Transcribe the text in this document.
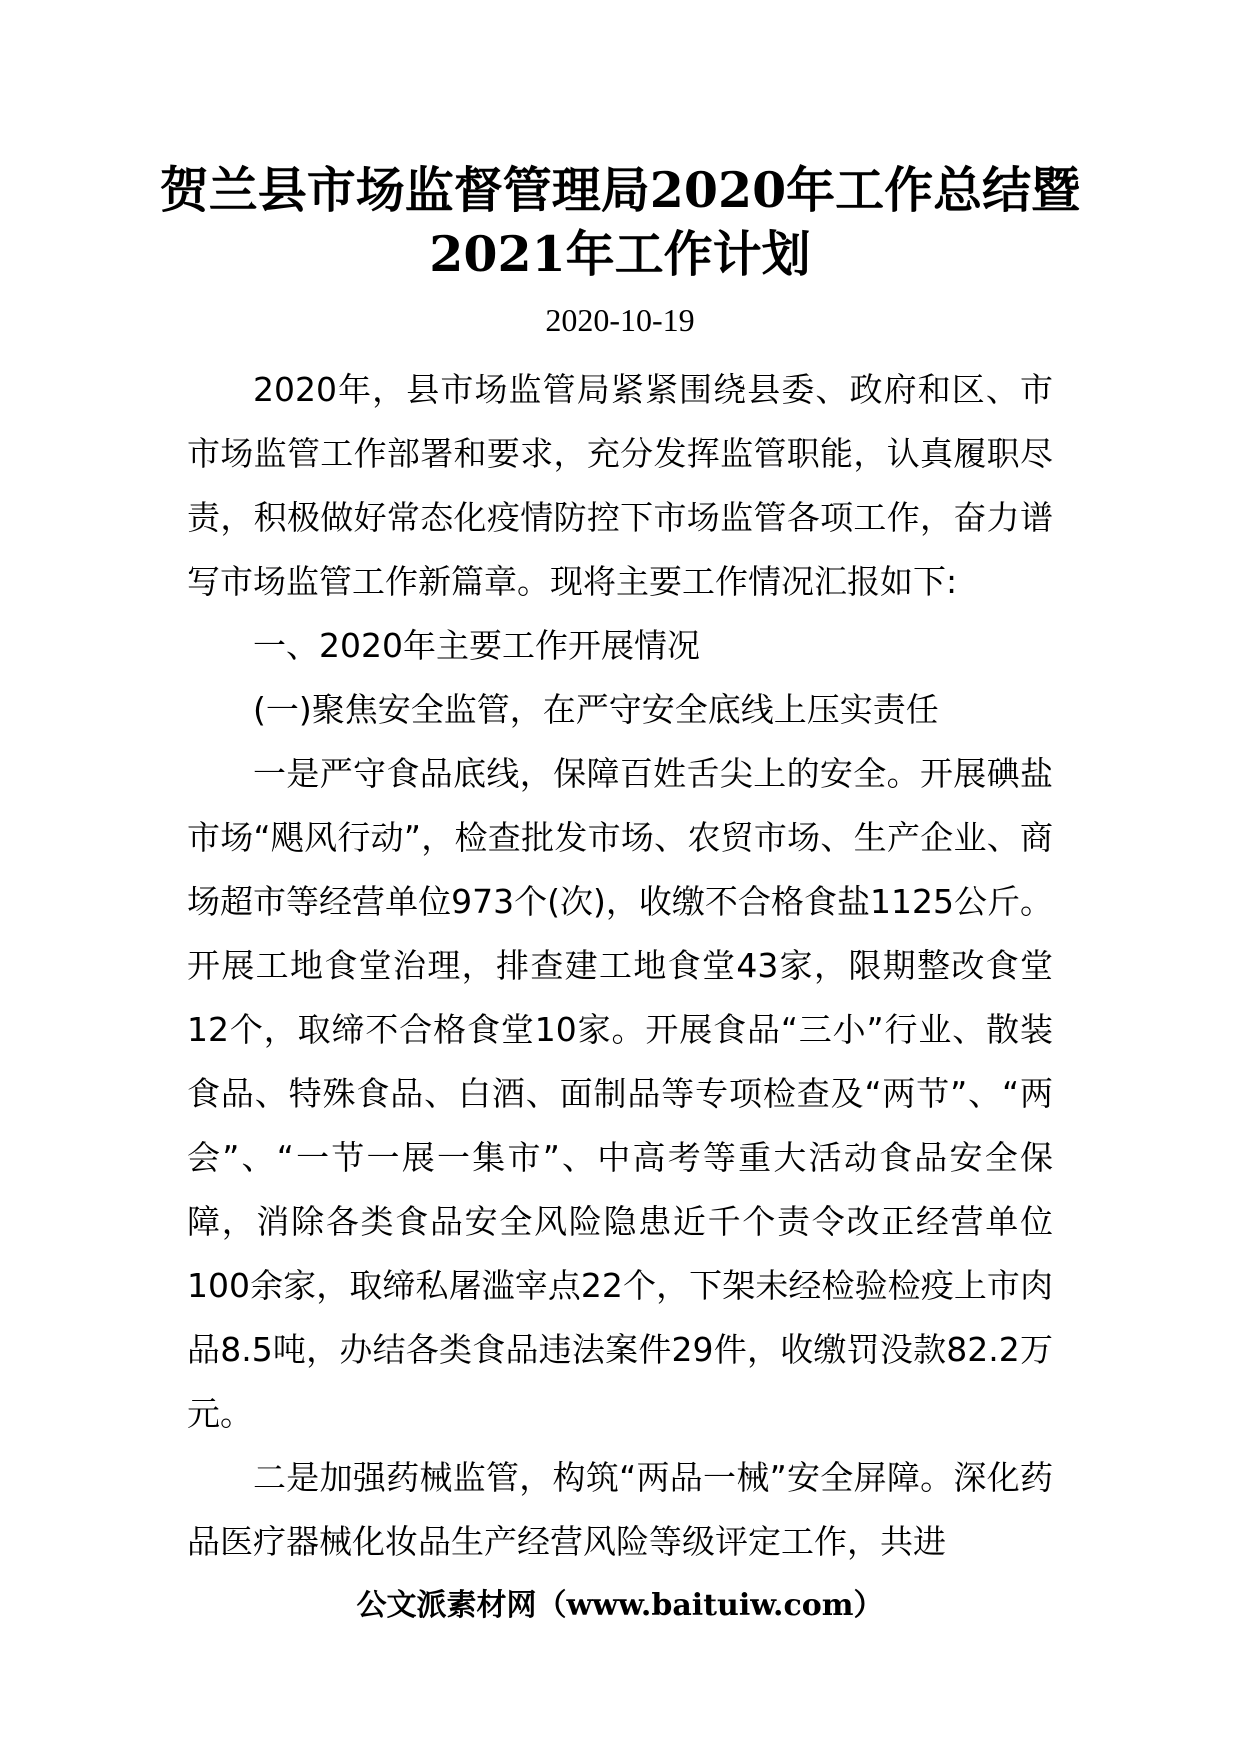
贺兰县市场监督管理局2020年工作总结暨
2021年工作计划
2020-10-19

2020年，县市场监管局紧紧围绕县委、政府和区、市市场监管工作部署和要求，充分发挥监管职能，认真履职尽责，积极做好常态化疫情防控下市场监管各项工作，奋力谱写市场监管工作新篇章。现将主要工作情况汇报如下:

一、2020年主要工作开展情况

(一)聚焦安全监管，在严守安全底线上压实责任

一是严守食品底线，保障百姓舌尖上的安全。开展碘盐市场“飓风行动”，检查批发市场、农贸市场、生产企业、商场超市等经营单位973个(次)，收缴不合格食盐1125公斤。开展工地食堂治理，排查建工地食堂43家，限期整改食堂12个，取缔不合格食堂10家。开展食品“三小”行业、散装食品、特殊食品、白酒、面制品等专项检查及“两节”、“两会”、“一节一展一集市”、中高考等重大活动食品安全保障，消除各类食品安全风险隐患近千个责令改正经营单位100余家，取缔私屠滥宰点22个，下架未经检验检疫上市肉品8.5吨，办结各类食品违法案件29件，收缴罚没款82.2万元。

二是加强药械监管，构筑“两品一械”安全屏障。深化药品医疗器械化妆品生产经营风险等级评定工作，共进

公文派素材网（www.baituiw.com）
